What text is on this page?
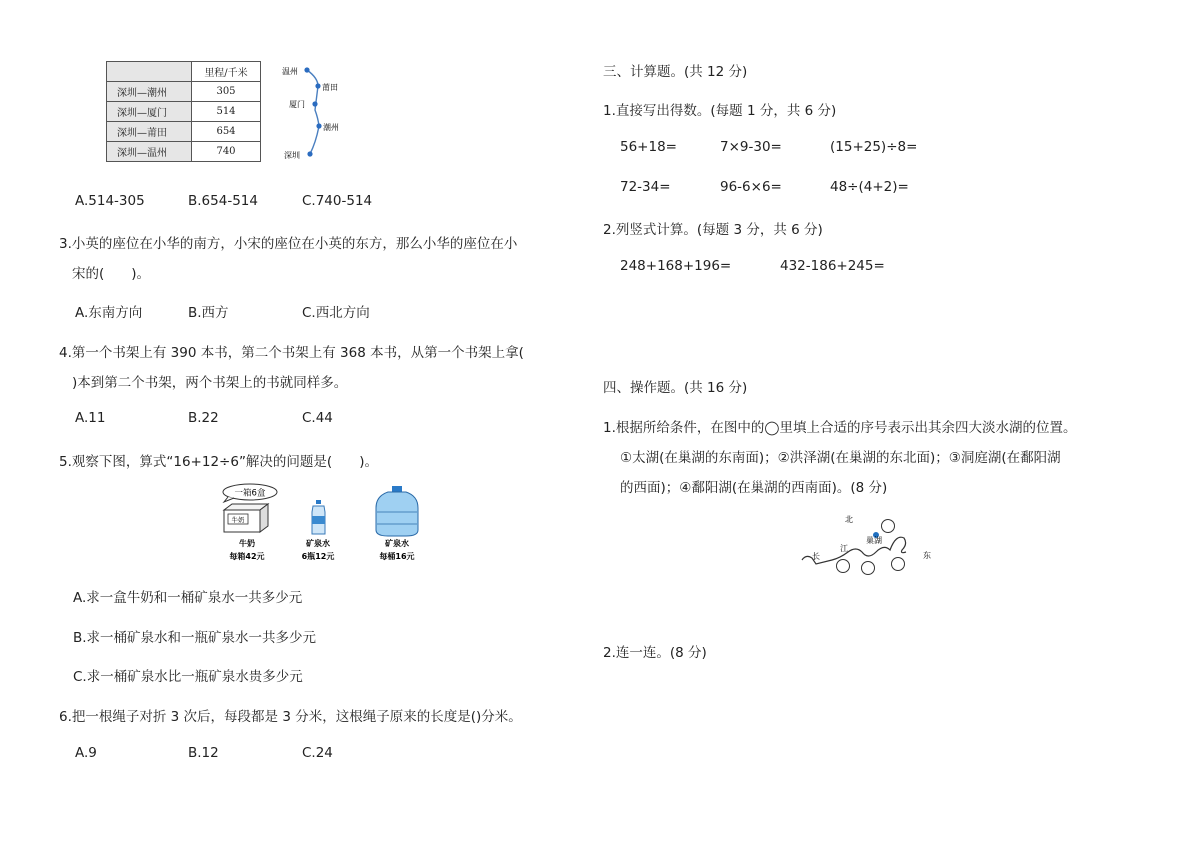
	里程/千米
深圳—潮州	305
深圳—厦门	514
深圳—莆田	654
深圳—温州	740
温州
莆田
厦门
潮州
深圳
A.514-305	B.654-514	C.740-514
3.小英的座位在小华的南方，小宋的座位在小英的东方，那么小华的座位在小
宋的(　　)。
A.东南方向	B.西方	C.西北方向
4.第一个书架上有 390 本书，第二个书架上有 368 本书，从第一个书架上拿(
)本到第二个书架，两个书架上的书就同样多。
A.11	B.22	C.44
5.观察下图，算式“16+12÷6”解决的问题是(　　)。
一箱6盒
牛奶
牛奶
每箱42元
矿泉水
6瓶12元
矿泉水
每桶16元
A.求一盒牛奶和一桶矿泉水一共多少元
B.求一桶矿泉水和一瓶矿泉水一共多少元
C.求一桶矿泉水比一瓶矿泉水贵多少元
6.把一根绳子对折 3 次后，每段都是 3 分米，这根绳子原来的长度是()分米。
A.9	B.12	C.24
三、计算题。(共 12 分)
1.直接写出得数。(每题 1 分，共 6 分)
56+18=	7×9-30=	(15+25)÷8=
72-34=	96-6×6=	48÷(4+2)=
2.列竖式计算。(每题 3 分，共 6 分)
248+168+196=	432-186+245=
四、操作题。(共 16 分)
1.根据所给条件，在图中的◯里填上合适的序号表示出其余四大淡水湖的位置。
①太湖(在巢湖的东南面)；②洪泽湖(在巢湖的东北面)；③洞庭湖(在鄱阳湖
的西面)；④鄱阳湖(在巢湖的西南面)。(8 分)
北
东
长
江
巢湖
2.连一连。(8 分)
